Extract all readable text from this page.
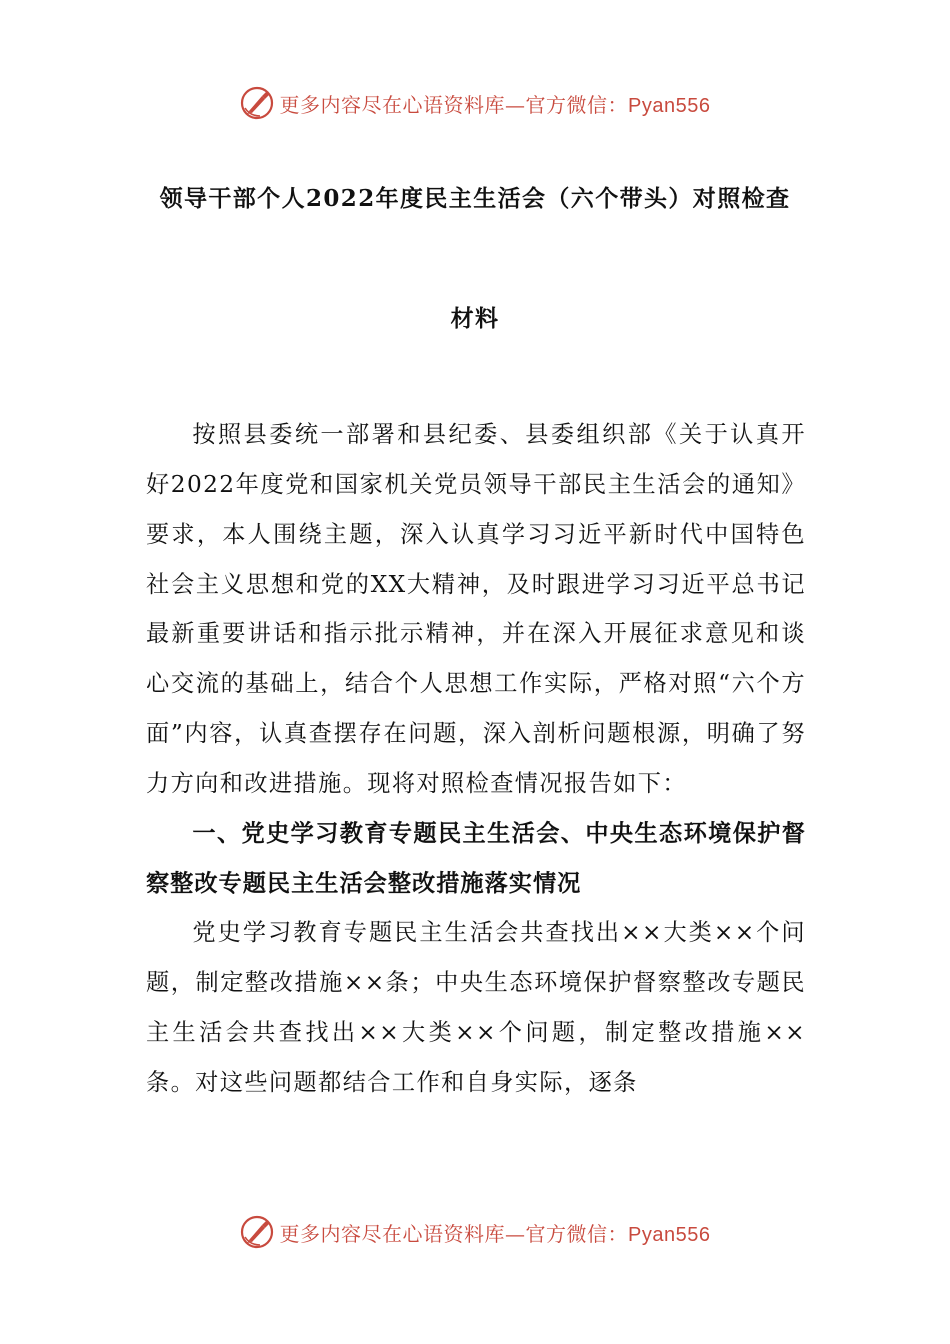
更多内容尽在心语资料库—官方微信：Pyan556
领导干部个人2022年度民主生活会（六个带头）对照检查
材料

按照县委统一部署和县纪委、县委组织部《关于认真开好2022年度党和国家机关党员领导干部民主生活会的通知》要求，本人围绕主题，深入认真学习习近平新时代中国特色社会主义思想和党的XX大精神，及时跟进学习习近平总书记最新重要讲话和指示批示精神，并在深入开展征求意见和谈心交流的基础上，结合个人思想工作实际，严格对照“六个方面”内容，认真查摆存在问题，深入剖析问题根源，明确了努力方向和改进措施。现将对照检查情况报告如下：

一、党史学习教育专题民主生活会、中央生态环境保护督察整改专题民主生活会整改措施落实情况

党史学习教育专题民主生活会共查找出××大类××个问题，制定整改措施××条；中央生态环境保护督察整改专题民主生活会共查找出××大类××个问题，制定整改措施××条。对这些问题都结合工作和自身实际，逐条

更多内容尽在心语资料库—官方微信：Pyan556
